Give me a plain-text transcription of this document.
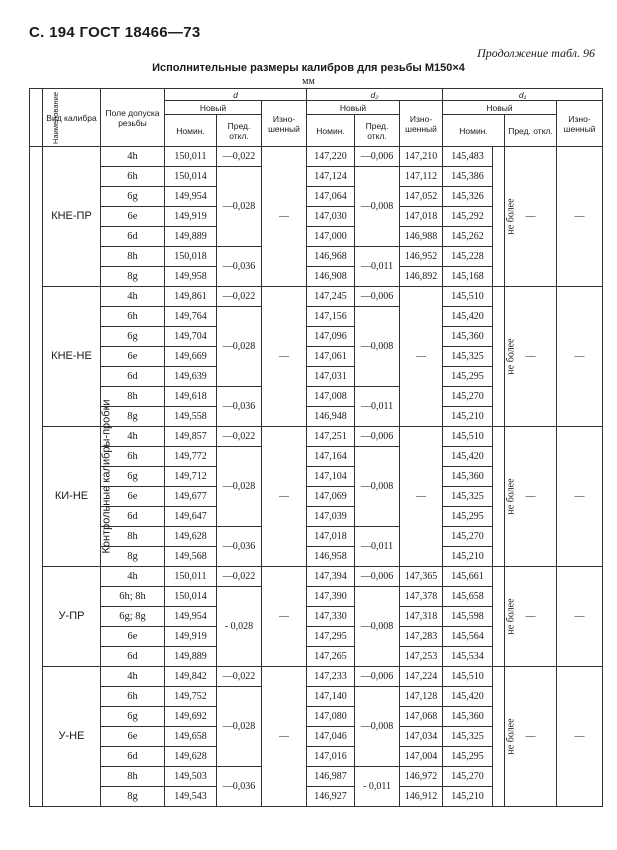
С. 194 ГОСТ 18466—73
Продолжение табл. 96
Исполнительные размеры калибров для резьбы М150×4
мм
Наименование	Вид калибра	Поле допуска резьбы	d			d₂			d₁			
			Новый		Изно- шенный	Новый		Изно- шенный	Новый			Изно- шенный
			Номин.	Пред. откл.		Номин.	Пред. откл.		Номин.		Пред. откл.	
Контрольные калибры-пробки	КНЕ-ПР	4h	150,011	—0,022	—	147,220	—0,006	147,210	145,483	не более	—	—
		6h	150,014	—0,028		147,124	—0,008	147,112	145,386			
		6g	149,954			147,064		147,052	145,326			
		6e	149,919			147,030		147,018	145,292			
		6d	149,889			147,000		146,988	145,262			
		8h	150,018	—0,036		146,968	—0,011	146,952	145,228			
		8g	149,958			146,908		146,892	145,168			
	КНЕ-НЕ	4h	149,861	—0,022	—	147,245	—0,006	—	145,510	не более	—	—
		6h	149,764	—0,028		147,156	—0,008		145,420			
		6g	149,704			147,096			145,360			
		6e	149,669			147,061			145,325			
		6d	149,639			147,031			145,295			
		8h	149,618	—0,036		147,008	—0,011		145,270			
		8g	149,558			146,948			145,210			
	КИ-НЕ	4h	149,857	—0,022	—	147,251	—0,006	—	145,510	не более	—	—
		6h	149,772	—0,028		147,164	—0,008		145,420			
		6g	149,712			147,104			145,360			
		6e	149,677			147,069			145,325			
		6d	149,647			147,039			145,295			
		8h	149,628	—0,036		147,018	—0,011		145,270			
		8g	149,568			146,958			145,210			
	У-ПР	4h	150,011	—0,022	—	147,394	—0,006	147,365	145,661	не более	—	—
		6h; 8h	150,014	- 0,028		147,390	—0,008	147,378	145,658			
		6g; 8g	149,954			147,330		147,318	145,598			
		6e	149,919			147,295		147,283	145,564			
		6d	149,889			147,265		147,253	145,534			
	У-НЕ	4h	149,842	—0,022	—	147,233	—0,006	147,224	145,510	не более	—	—
		6h	149,752	—0,028		147,140	—0,008	147,128	145,420			
		6g	149,692			147,080		147,068	145,360			
		6e	149,658			147,046		147,034	145,325			
		6d	149,628			147,016		147,004	145,295			
		8h	149,503	—0,036		146,987	- 0,011	146,972	145,270			
		8g	149,543			146,927		146,912	145,210			
